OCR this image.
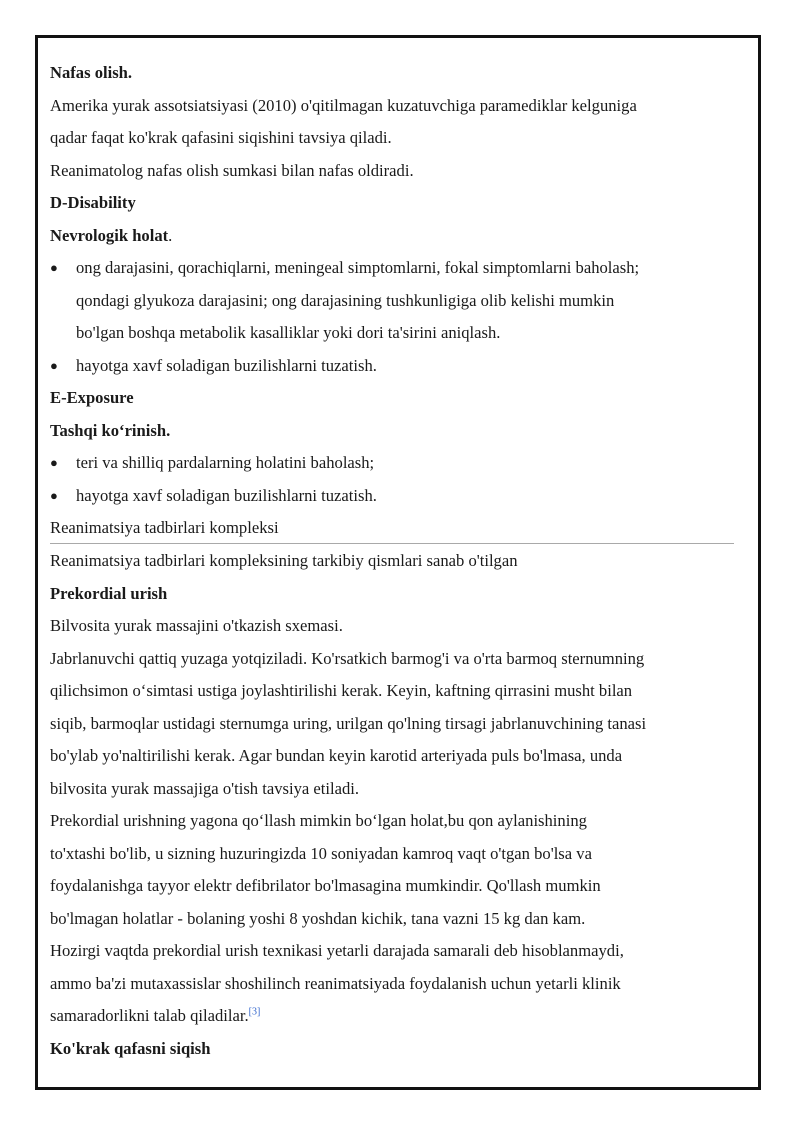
Nafas olish.
Amerika yurak assotsiatsiyasi (2010) o'qitilmagan kuzatuvchiga paramediklar kelguniga
qadar faqat ko'krak qafasini siqishini tavsiya qiladi.
Reanimatolog nafas olish sumkasi bilan nafas oldiradi.
D-Disability
Nevrologik holat.
●	ong darajasini, qorachiqlarni, meningeal simptomlarni, fokal simptomlarni baholash;
qondagi glyukoza darajasini; ong darajasining tushkunligiga olib kelishi mumkin
bo'lgan boshqa metabolik kasalliklar yoki dori ta'sirini aniqlash.
●	hayotga xavf soladigan buzilishlarni tuzatish.
E-Exposure
Tashqi ko‘rinish.
●	teri va shilliq pardalarning holatini baholash;
●	hayotga xavf soladigan buzilishlarni tuzatish.
Reanimatsiya tadbirlari kompleksi
Reanimatsiya tadbirlari kompleksining tarkibiy qismlari sanab o'tilgan
Prekordial urish
Bilvosita yurak massajini o'tkazish sxemasi.
Jabrlanuvchi qattiq yuzaga yotqiziladi. Ko'rsatkich barmog'i va o'rta barmoq sternumning
qilichsimon o‘simtasi ustiga joylashtirilishi kerak. Keyin, kaftning qirrasini musht bilan
siqib, barmoqlar ustidagi sternumga uring, urilgan qo'lning tirsagi jabrlanuvchining tanasi
bo'ylab yo'naltirilishi kerak. Agar bundan keyin karotid arteriyada puls bo'lmasa, unda
bilvosita yurak massajiga o'tish tavsiya etiladi.
Prekordial urishning yagona qo‘llash mimkin bo‘lgan holat,bu qon aylanishining
to'xtashi bo'lib, u sizning huzuringizda 10 soniyadan kamroq vaqt o'tgan bo'lsa va
foydalanishga tayyor elektr defibrilator bo'lmasagina mumkindir. Qo'llash mumkin
bo'lmagan holatlar - bolaning yoshi 8 yoshdan kichik, tana vazni 15 kg dan kam.
Hozirgi vaqtda prekordial urish texnikasi yetarli darajada samarali deb hisoblanmaydi,
ammo ba'zi mutaxassislar shoshilinch reanimatsiyada foydalanish uchun yetarli klinik
samaradorlikni talab qiladilar.[3]
Ko'krak qafasni siqish
